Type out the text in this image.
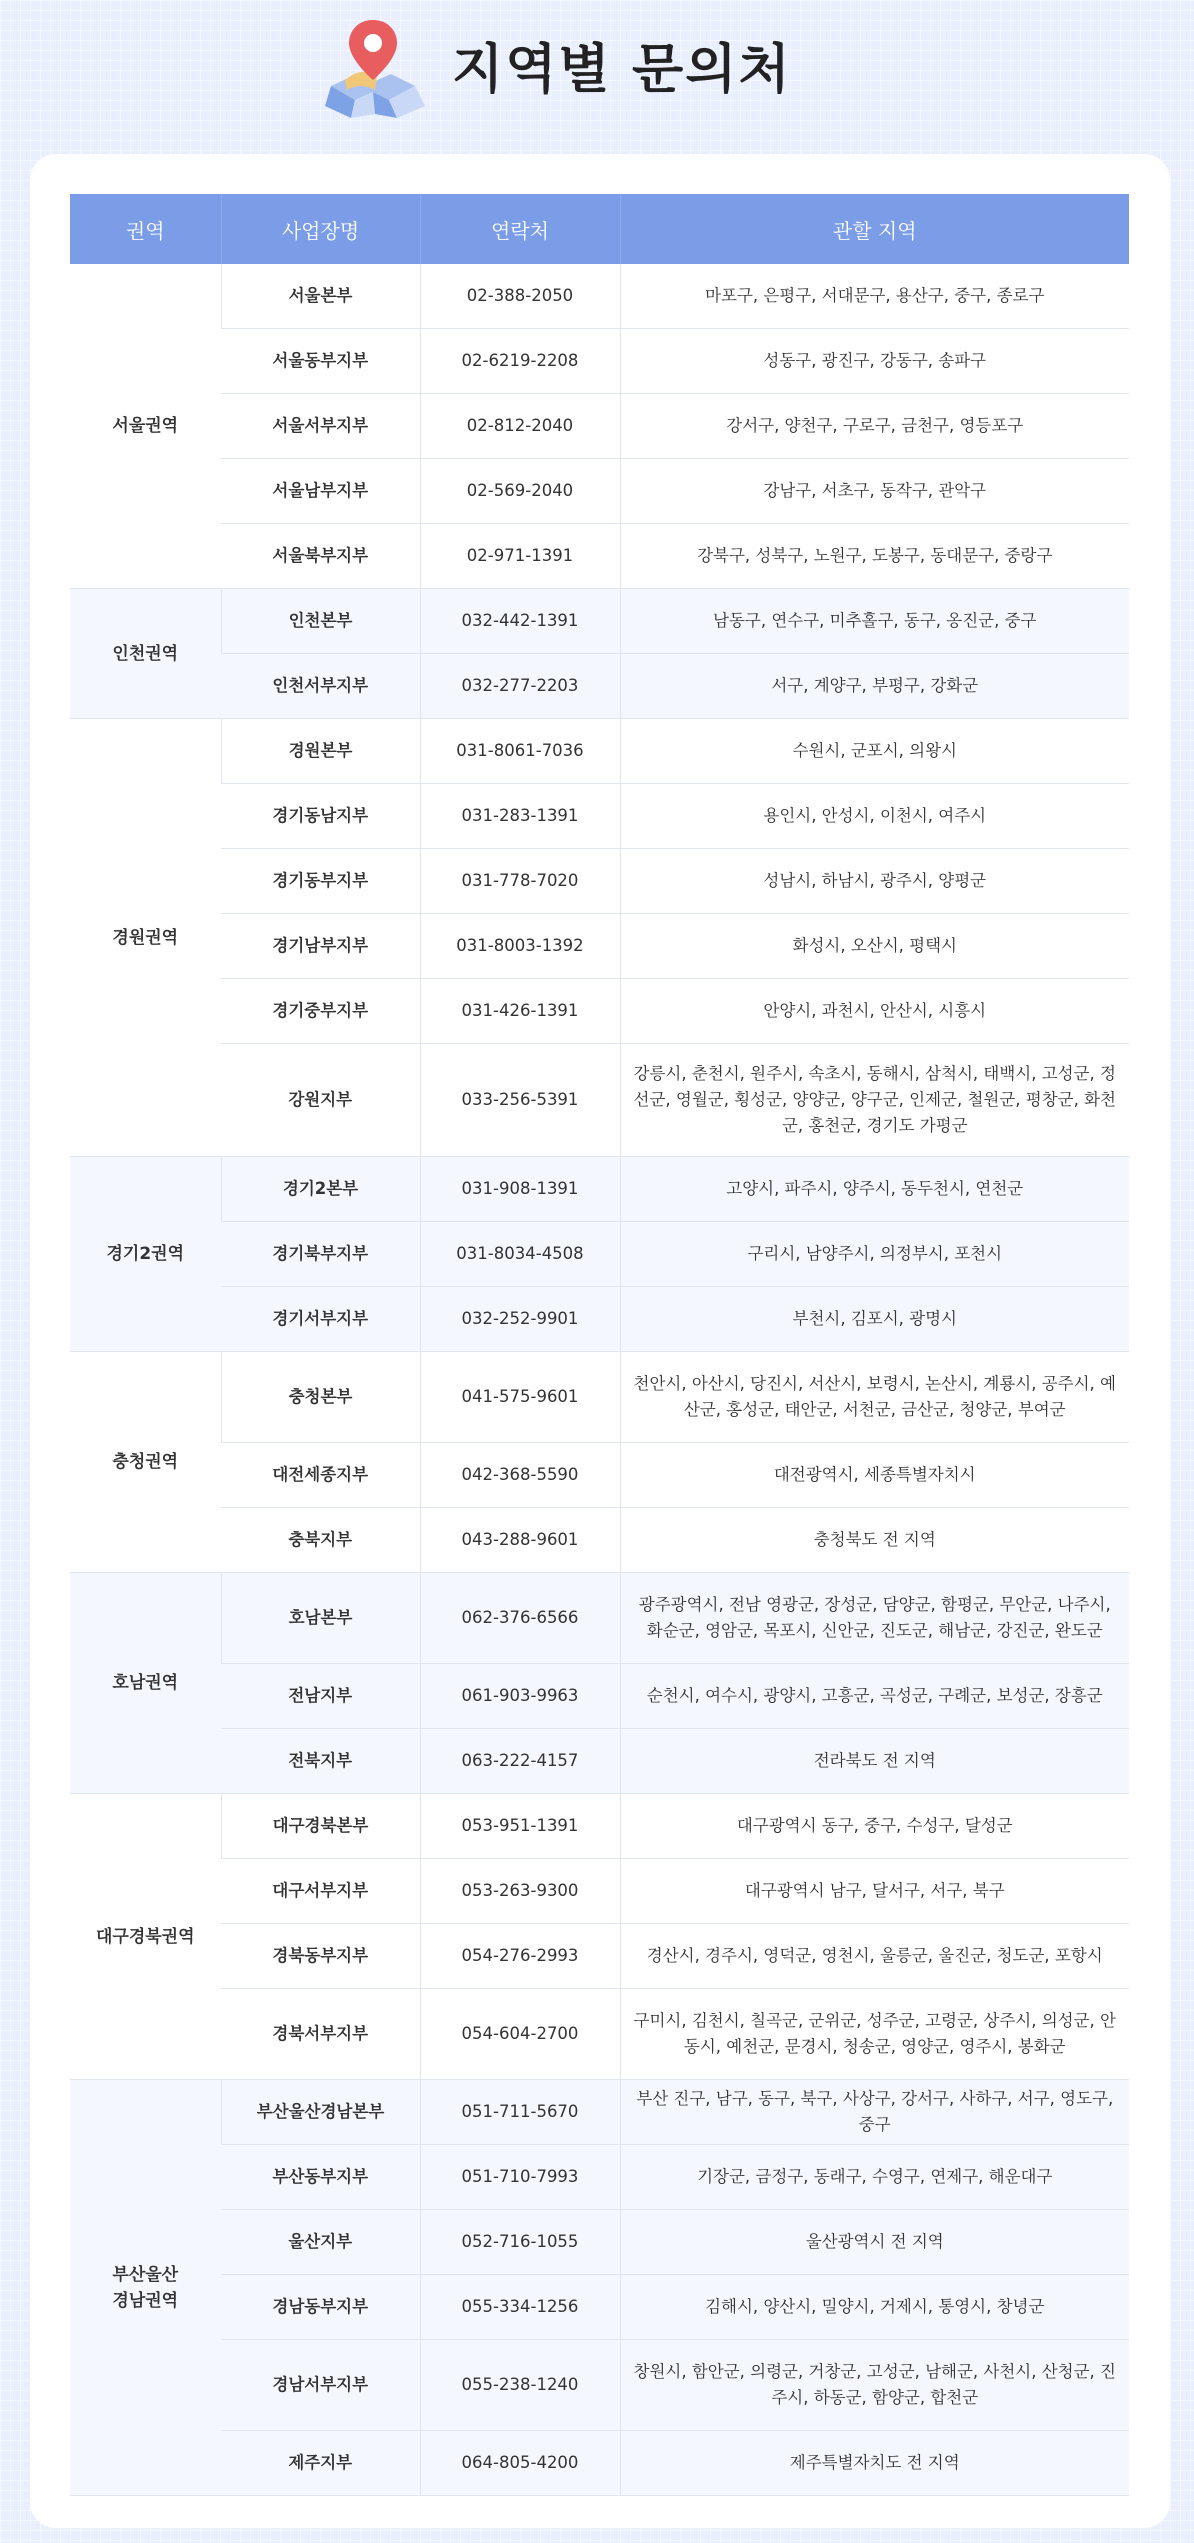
지역별 문의처
권역	사업장명	연락처	관할 지역
서울권역	서울본부	02-388-2050	마포구, 은평구, 서대문구, 용산구, 중구, 종로구
	서울동부지부	02-6219-2208	성동구, 광진구, 강동구, 송파구
	서울서부지부	02-812-2040	강서구, 양천구, 구로구, 금천구, 영등포구
	서울남부지부	02-569-2040	강남구, 서초구, 동작구, 관악구
	서울북부지부	02-971-1391	강북구, 성북구, 노원구, 도봉구, 동대문구, 중랑구
인천권역	인천본부	032-442-1391	남동구, 연수구, 미추홀구, 동구, 옹진군, 중구
	인천서부지부	032-277-2203	서구, 계양구, 부평구, 강화군
경원권역	경원본부	031-8061-7036	수원시, 군포시, 의왕시
	경기동남지부	031-283-1391	용인시, 안성시, 이천시, 여주시
	경기동부지부	031-778-7020	성남시, 하남시, 광주시, 양평군
	경기남부지부	031-8003-1392	화성시, 오산시, 평택시
	경기중부지부	031-426-1391	안양시, 과천시, 안산시, 시흥시
	강원지부	033-256-5391	강릉시, 춘천시, 원주시, 속초시, 동해시, 삼척시, 태백시, 고성군, 정선군, 영월군, 횡성군, 양양군, 양구군, 인제군, 철원군, 평창군, 화천군, 홍천군, 경기도 가평군
경기2권역	경기2본부	031-908-1391	고양시, 파주시, 양주시, 동두천시, 연천군
	경기북부지부	031-8034-4508	구리시, 남양주시, 의정부시, 포천시
	경기서부지부	032-252-9901	부천시, 김포시, 광명시
충청권역	충청본부	041-575-9601	천안시, 아산시, 당진시, 서산시, 보령시, 논산시, 계룡시, 공주시, 예산군, 홍성군, 태안군, 서천군, 금산군, 청양군, 부여군
	대전세종지부	042-368-5590	대전광역시, 세종특별자치시
	충북지부	043-288-9601	충청북도 전 지역
호남권역	호남본부	062-376-6566	광주광역시, 전남 영광군, 장성군, 담양군, 함평군, 무안군, 나주시, 화순군, 영암군, 목포시, 신안군, 진도군, 해남군, 강진군, 완도군
	전남지부	061-903-9963	순천시, 여수시, 광양시, 고흥군, 곡성군, 구례군, 보성군, 장흥군
	전북지부	063-222-4157	전라북도 전 지역
대구경북권역	대구경북본부	053-951-1391	대구광역시 동구, 중구, 수성구, 달성군
	대구서부지부	053-263-9300	대구광역시 남구, 달서구, 서구, 북구
	경북동부지부	054-276-2993	경산시, 경주시, 영덕군, 영천시, 울릉군, 울진군, 청도군, 포항시
	경북서부지부	054-604-2700	구미시, 김천시, 칠곡군, 군위군, 성주군, 고령군, 상주시, 의성군, 안동시, 예천군, 문경시, 청송군, 영양군, 영주시, 봉화군
부산울산
경남권역	부산울산경남본부	051-711-5670	부산 진구, 남구, 동구, 북구, 사상구, 강서구, 사하구, 서구, 영도구, 중구
	부산동부지부	051-710-7993	기장군, 금정구, 동래구, 수영구, 연제구, 해운대구
	울산지부	052-716-1055	울산광역시 전 지역
	경남동부지부	055-334-1256	김해시, 양산시, 밀양시, 거제시, 통영시, 창녕군
	경남서부지부	055-238-1240	창원시, 함안군, 의령군, 거창군, 고성군, 남해군, 사천시, 산청군, 진주시, 하동군, 함양군, 합천군
	제주지부	064-805-4200	제주특별자치도 전 지역
